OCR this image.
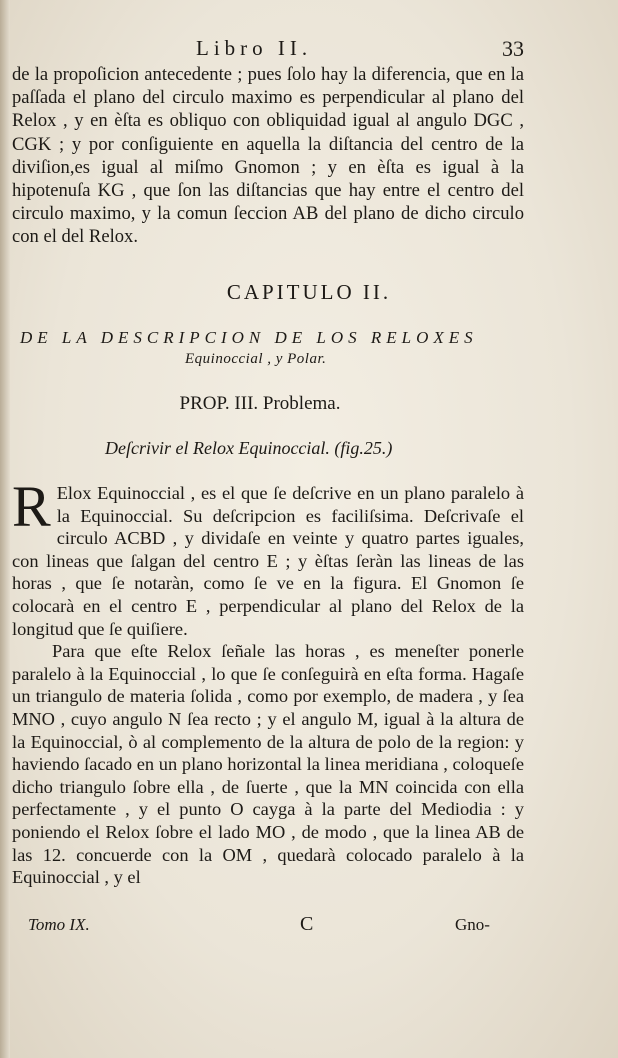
Libro II.	33

de la propoſicion antecedente ; pues ſolo hay la diferencia, que en la paſſada el plano del circulo maximo es perpendicular al plano del Relox , y en èſta es obliquo con obliquidad igual al angulo DGC , CGK ; y por conſiguiente en aquella la diſtancia del centro de la diviſion,es igual al miſmo Gnomon ; y en èſta es igual à la hipotenuſa KG , que ſon las diſtancias que hay entre el centro del circulo maximo, y la comun ſeccion AB del plano de dicho circulo con el del Relox.

CAPITULO II.
DE LA DESCRIPCION DE LOS RELOXES
Equinoccial , y Polar.
PROP. III. Problema.
Deſcrivir el Relox Equinoccial. (fig.25.)

R Elox Equinoccial , es el que ſe deſcrive en un plano paralelo à la Equinoccial. Su deſcripcion es faciliſsima. Deſcrivaſe el circulo ACBD , y dividaſe en veinte y quatro partes iguales, con lineas que ſalgan del centro E ; y èſtas ſeràn las lineas de las horas , que ſe notaràn, como ſe ve en la figura. El Gnomon ſe colocarà en el centro E , perpendicular al plano del Relox de la longitud que ſe quiſiere.

Para que eſte Relox ſeñale las horas , es meneſter ponerle paralelo à la Equinoccial , lo que ſe conſeguirà en eſta forma. Hagaſe un triangulo de materia ſolida , como por exemplo, de madera , y ſea MNO , cuyo angulo N ſea recto ; y el angulo M, igual à la altura de la Equinoccial, ò al complemento de la altura de polo de la region: y haviendo ſacado en un plano horizontal la linea meridiana , coloqueſe dicho triangulo ſobre ella , de ſuerte , que la MN coincida con ella perfectamente , y el punto O cayga à la parte del Mediodia : y poniendo el Relox ſobre el lado MO , de modo , que la linea AB de las 12. concuerde con la OM , quedarà colocado paralelo à la Equinoccial , y el

Tomo IX.	C	Gno-
